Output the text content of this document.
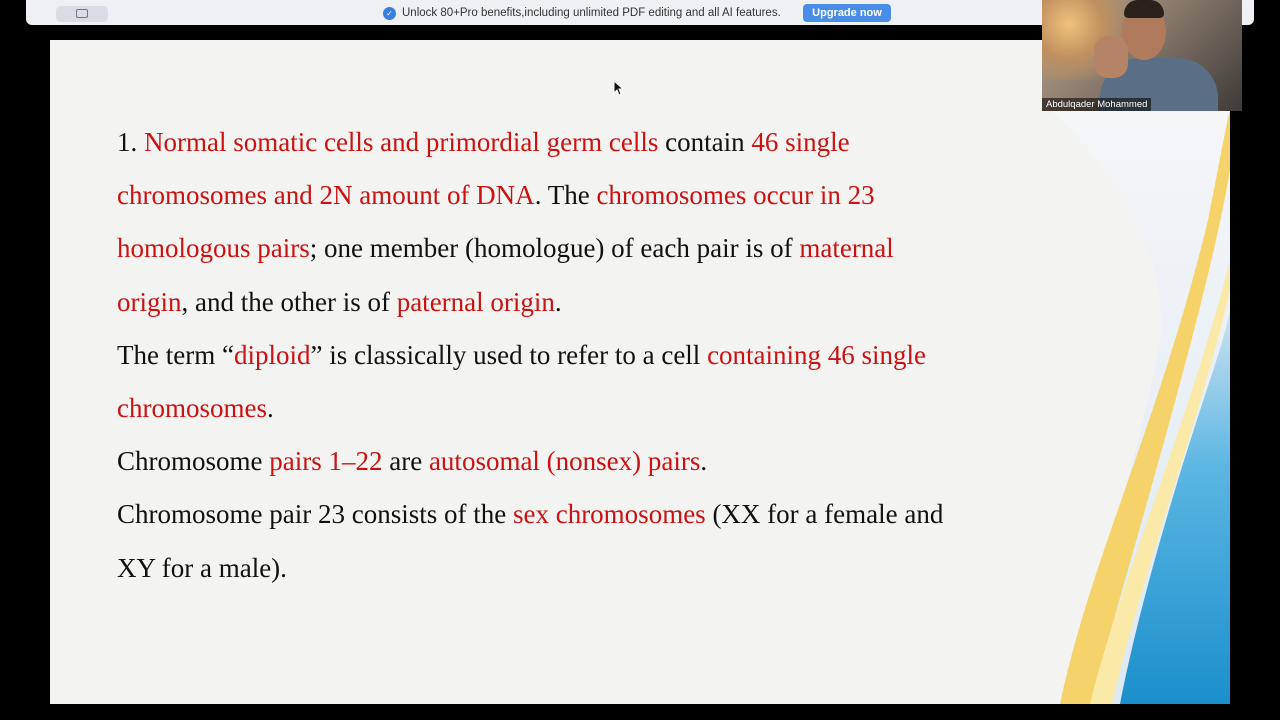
✓ Unlock 80+Pro benefits,including unlimited PDF editing and all AI features.	Upgrade now

1. Normal somatic cells and primordial germ cells contain 46 single chromosomes and 2N amount of DNA. The chromosomes occur in 23 homologous pairs; one member (homologue) of each pair is of maternal origin, and the other is of paternal origin.

The term “diploid” is classically used to refer to a cell containing 46 single chromosomes.

Chromosome pairs 1–22 are autosomal (nonsex) pairs.

Chromosome pair 23 consists of the sex chromosomes (XX for a female and XY for a male).

Abdulqader Mohammed
